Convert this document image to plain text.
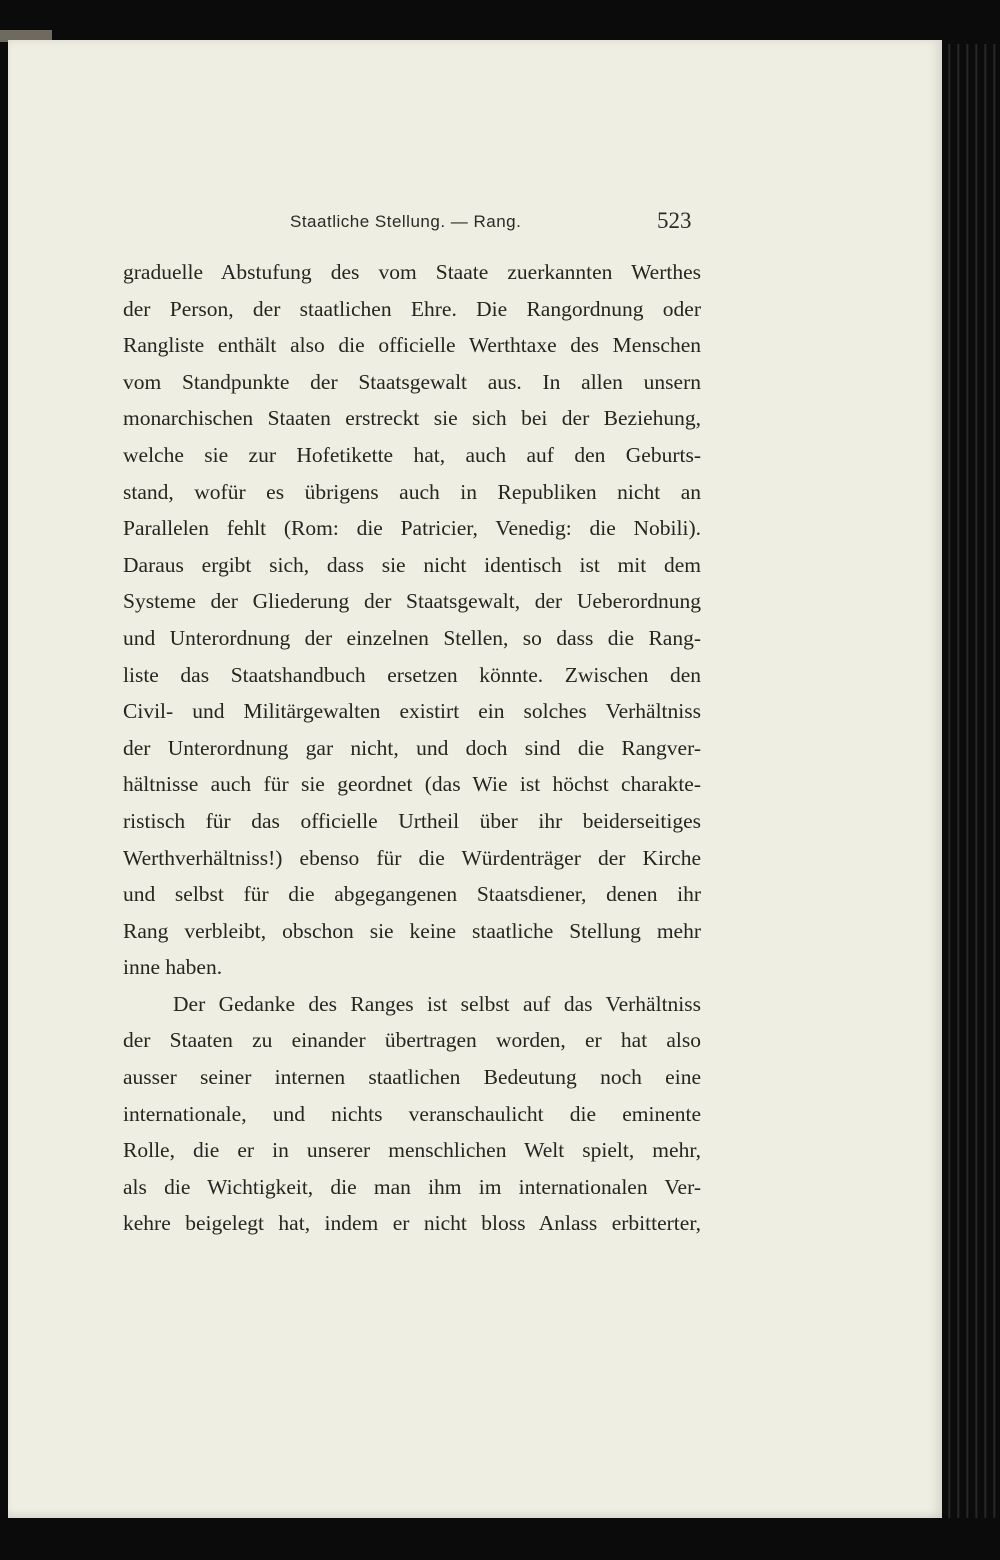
Staatliche Stellung. — Rang.	523
graduelle Abstufung des vom Staate zuerkannten Werthes
der Person, der staatlichen Ehre. Die Rangordnung oder
Rangliste enthält also die officielle Werthtaxe des Menschen
vom Standpunkte der Staatsgewalt aus. In allen unsern
monarchischen Staaten erstreckt sie sich bei der Beziehung,
welche sie zur Hofetikette hat, auch auf den Geburts-
stand, wofür es übrigens auch in Republiken nicht an
Parallelen fehlt (Rom: die Patricier, Venedig: die Nobili).
Daraus ergibt sich, dass sie nicht identisch ist mit dem
Systeme der Gliederung der Staatsgewalt, der Ueberordnung
und Unterordnung der einzelnen Stellen, so dass die Rang-
liste das Staatshandbuch ersetzen könnte. Zwischen den
Civil- und Militärgewalten existirt ein solches Verhältniss
der Unterordnung gar nicht, und doch sind die Rangver-
hältnisse auch für sie geordnet (das Wie ist höchst charakte-
ristisch für das officielle Urtheil über ihr beiderseitiges
Werthverhältniss!) ebenso für die Würdenträger der Kirche
und selbst für die abgegangenen Staatsdiener, denen ihr
Rang verbleibt, obschon sie keine staatliche Stellung mehr
inne haben.
Der Gedanke des Ranges ist selbst auf das Verhältniss
der Staaten zu einander übertragen worden, er hat also
ausser seiner internen staatlichen Bedeutung noch eine
internationale, und nichts veranschaulicht die eminente
Rolle, die er in unserer menschlichen Welt spielt, mehr,
als die Wichtigkeit, die man ihm im internationalen Ver-
kehre beigelegt hat, indem er nicht bloss Anlass erbitterter,
